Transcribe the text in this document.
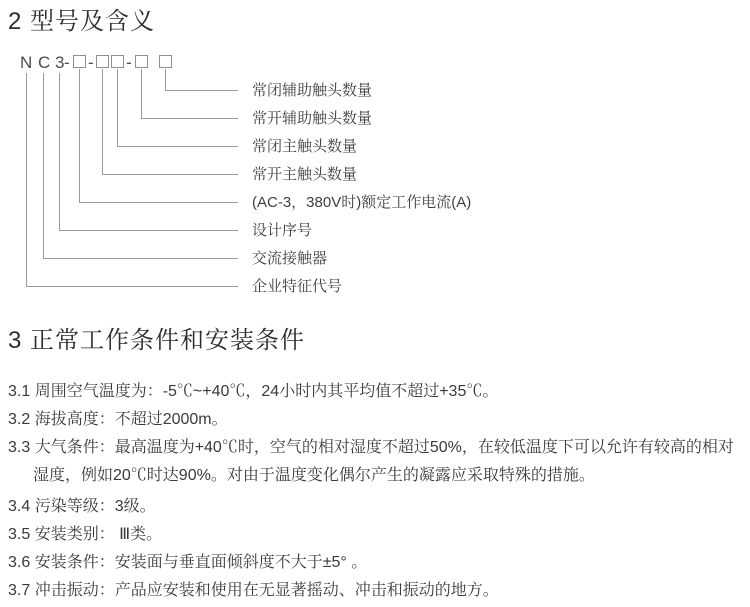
2 型号及含义
N C 3 - - -
常闭辅助触头数量
常开辅助触头数量
常闭主触头数量
常开主触头数量
(AC-3，380V时)额定工作电流(A)
设计序号
交流接触器
企业特征代号
3 正常工作条件和安装条件
3.1 周围空气温度为：-5℃~+40℃，24小时内其平均值不超过+35℃。
3.2 海拔高度：不超过2000m。
3.3 大气条件：最高温度为+40℃时，空气的相对湿度不超过50%，在较低温度下可以允许有较高的相对
湿度，例如20℃时达90%。对由于温度变化偶尔产生的凝露应采取特殊的措施。
3.4 污染等级：3级。
3.5 安装类别： Ⅲ类。
3.6 安装条件：安装面与垂直面倾斜度不大于±5° 。
3.7 冲击振动：产品应安装和使用在无显著摇动、冲击和振动的地方。
